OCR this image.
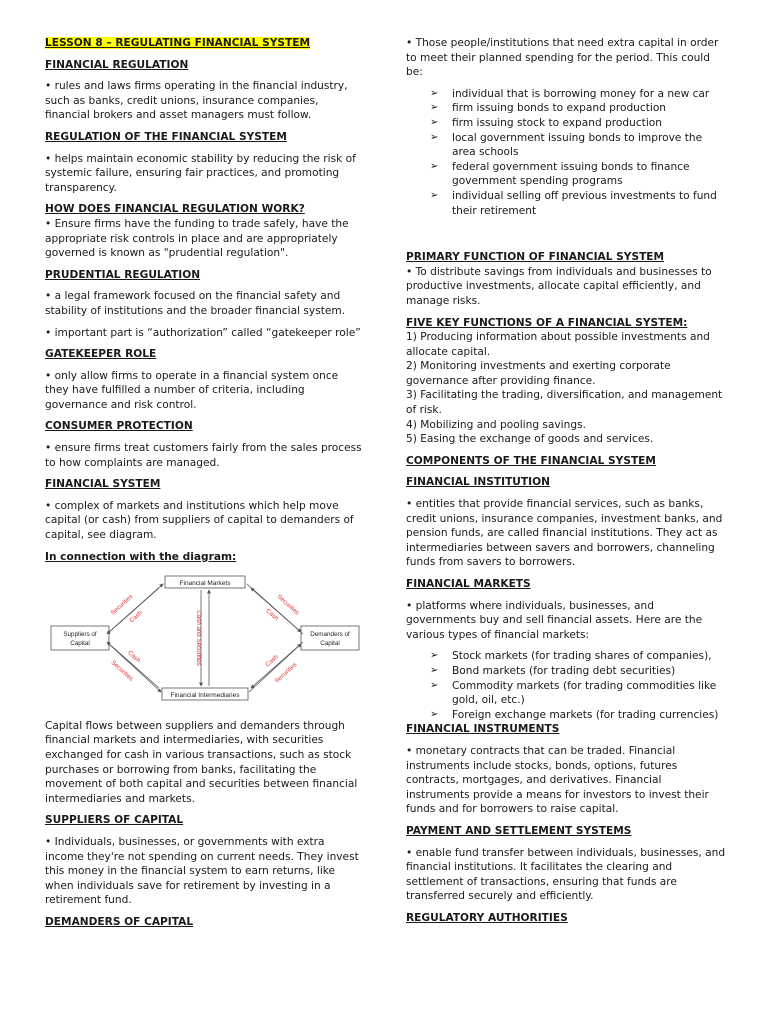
LESSON 8 – REGULATING FINANCIAL SYSTEM

FINANCIAL REGULATION

• rules and laws firms operating in the financial industry, such as banks, credit unions, insurance companies, financial brokers and asset managers must follow.

REGULATION OF THE FINANCIAL SYSTEM

• helps maintain economic stability by reducing the risk of systemic failure, ensuring fair practices, and promoting transparency.

HOW DOES FINANCIAL REGULATION WORK?

• Ensure firms have the funding to trade safely, have the appropriate risk controls in place and are appropriately governed is known as "prudential regulation".

PRUDENTIAL REGULATION

• a legal framework focused on the financial safety and stability of institutions and the broader financial system.

• important part is “authorization” called “gatekeeper role”

GATEKEEPER ROLE

• only allow firms to operate in a financial system once they have fulfilled a number of criteria, including governance and risk control.

CONSUMER PROTECTION

• ensure firms treat customers fairly from the sales process to how complaints are managed.

FINANCIAL SYSTEM

• complex of markets and institutions which help move capital (or cash) from suppliers of capital to demanders of capital, see diagram.

In connection with the diagram:

Financial Markets
Financial Intermediaries
Suppliers of
Capital
Demanders of
Capital
Securities
Cash
Securities
Cash
Cash
Securities	Cash
Securities
Cash and Securities

Capital flows between suppliers and demanders through financial markets and intermediaries, with securities exchanged for cash in various transactions, such as stock purchases or borrowing from banks, facilitating the movement of both capital and securities between financial intermediaries and markets.

SUPPLIERS OF CAPITAL

• Individuals, businesses, or governments with extra income they're not spending on current needs. They invest this money in the financial system to earn returns, like when individuals save for retirement by investing in a retirement fund.

DEMANDERS OF CAPITAL

• Those people/institutions that need extra capital in order to meet their planned spending for the period. This could be:

➢ individual that is borrowing money for a new car
➢ firm issuing bonds to expand production
➢ firm issuing stock to expand production
➢ local government issuing bonds to improve the area schools
➢ federal government issuing bonds to finance government spending programs
➢ individual selling off previous investments to fund their retirement

PRIMARY FUNCTION OF FINANCIAL SYSTEM

• To distribute savings from individuals and businesses to productive investments, allocate capital efficiently, and manage risks.

FIVE KEY FUNCTIONS OF A FINANCIAL SYSTEM:

1) Producing information about possible investments and allocate capital.

2) Monitoring investments and exerting corporate governance after providing finance.

3) Facilitating the trading, diversification, and management of risk.

4) Mobilizing and pooling savings.

5) Easing the exchange of goods and services.

COMPONENTS OF THE FINANCIAL SYSTEM

FINANCIAL INSTITUTION

• entities that provide financial services, such as banks, credit unions, insurance companies, investment banks, and pension funds, are called financial institutions. They act as intermediaries between savers and borrowers, channeling funds from savers to borrowers.

FINANCIAL MARKETS

• platforms where individuals, businesses, and governments buy and sell financial assets. Here are the various types of financial markets:

➢ Stock markets (for trading shares of companies),
➢ Bond markets (for trading debt securities)
➢ Commodity markets (for trading commodities like gold, oil, etc.)
➢ Foreign exchange markets (for trading currencies)

FINANCIAL INSTRUMENTS

• monetary contracts that can be traded. Financial instruments include stocks, bonds, options, futures contracts, mortgages, and derivatives. Financial instruments provide a means for investors to invest their funds and for borrowers to raise capital.

PAYMENT AND SETTLEMENT SYSTEMS

• enable fund transfer between individuals, businesses, and financial institutions. It facilitates the clearing and settlement of transactions, ensuring that funds are transferred securely and efficiently.

REGULATORY AUTHORITIES
